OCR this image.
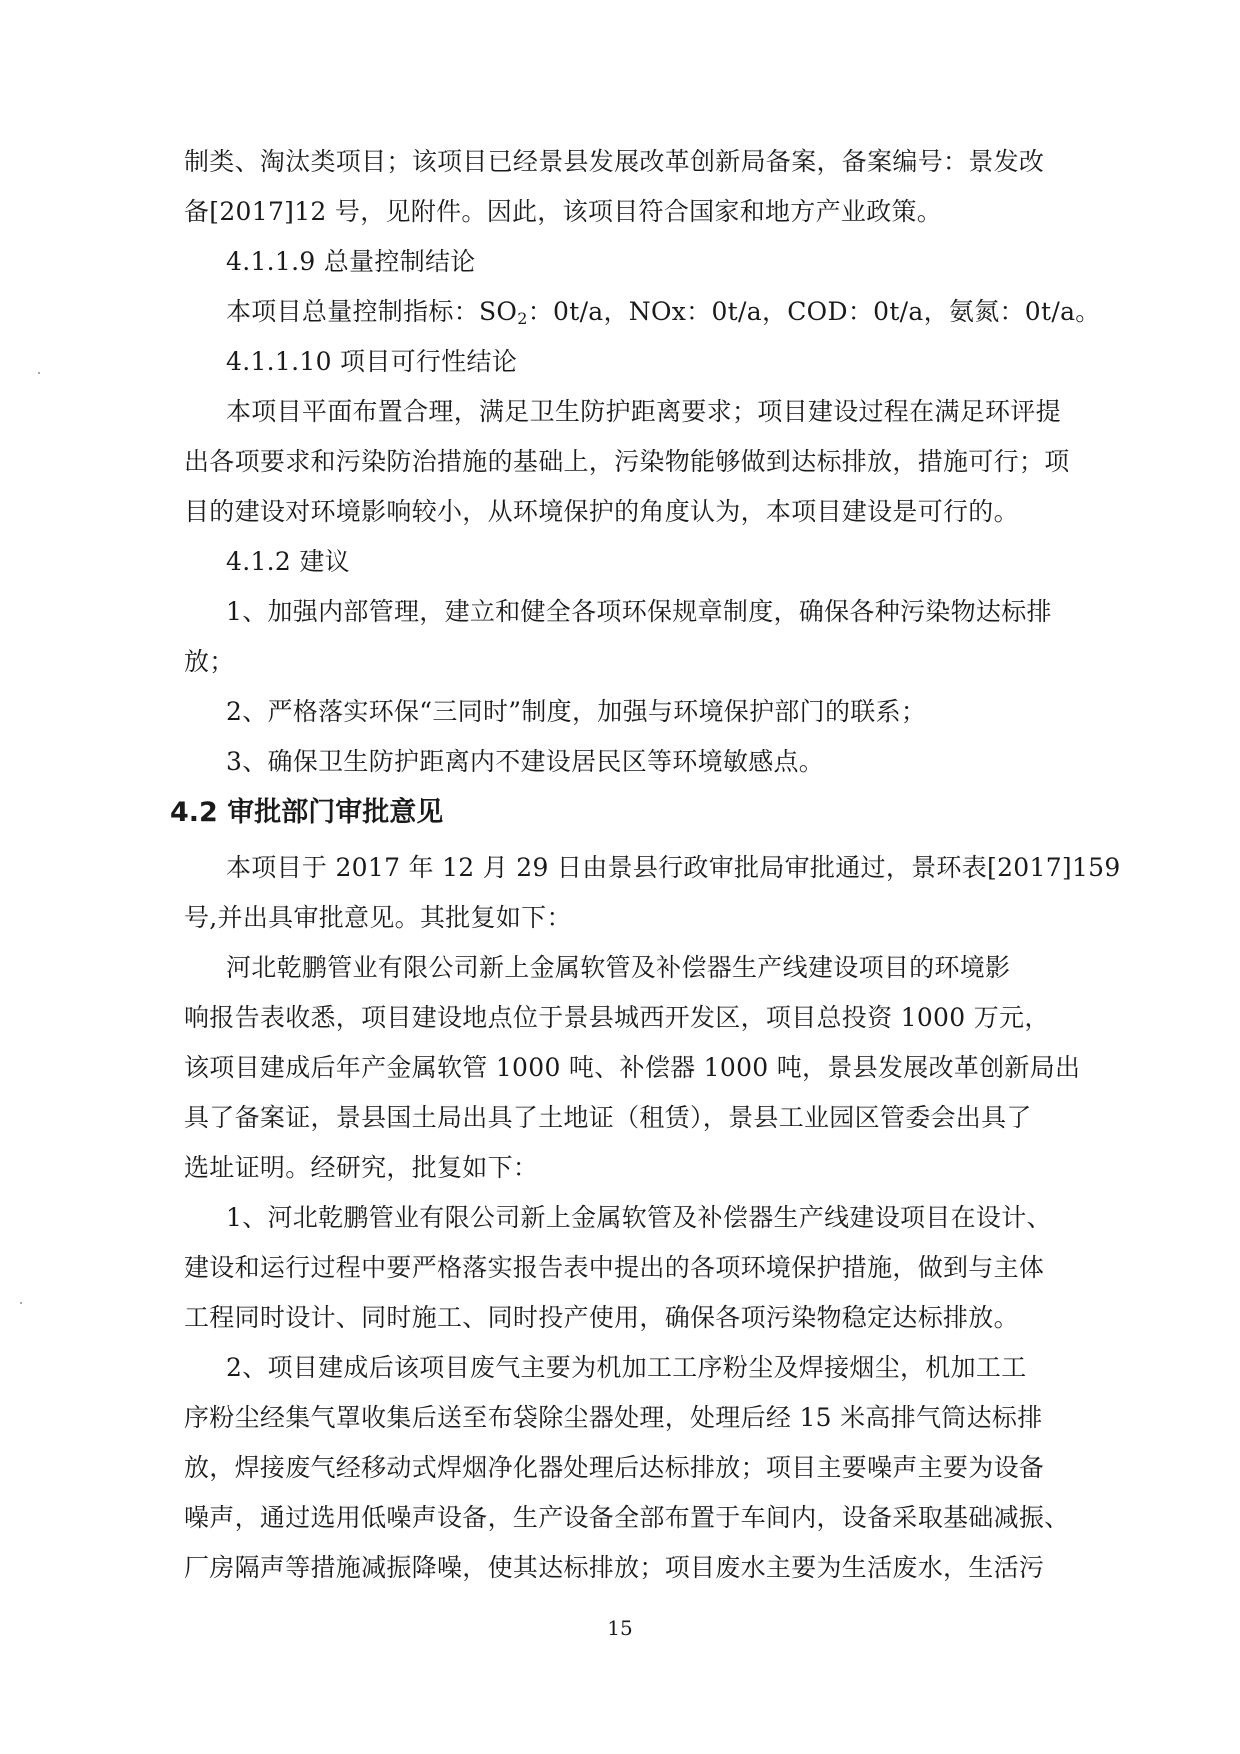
制类、淘汰类项目；该项目已经景县发展改革创新局备案，备案编号：景发改
备[2017]12 号，见附件。因此，该项目符合国家和地方产业政策。
4.1.1.9 总量控制结论
本项目总量控制指标：$SO_2$：0t/a，NOx：0t/a，COD：0t/a，氨氮：0t/a。
4.1.1.10 项目可行性结论
本项目平面布置合理，满足卫生防护距离要求；项目建设过程在满足环评提
出各项要求和污染防治措施的基础上，污染物能够做到达标排放，措施可行；项
目的建设对环境影响较小，从环境保护的角度认为，本项目建设是可行的。
4.1.2 建议
1、加强内部管理，建立和健全各项环保规章制度，确保各种污染物达标排
放；
2、严格落实环保“三同时”制度，加强与环境保护部门的联系；
3、确保卫生防护距离内不建设居民区等环境敏感点。
4.2 审批部门审批意见
本项目于 2017 年 12 月 29 日由景县行政审批局审批通过，景环表[2017]159
号,并出具审批意见。其批复如下：
河北乾鹏管业有限公司新上金属软管及补偿器生产线建设项目的环境影
响报告表收悉，项目建设地点位于景县城西开发区，项目总投资 1000 万元，
该项目建成后年产金属软管 1000 吨、补偿器 1000 吨，景县发展改革创新局出
具了备案证，景县国土局出具了土地证（租赁），景县工业园区管委会出具了
选址证明。经研究，批复如下：
1、河北乾鹏管业有限公司新上金属软管及补偿器生产线建设项目在设计、
建设和运行过程中要严格落实报告表中提出的各项环境保护措施，做到与主体
工程同时设计、同时施工、同时投产使用，确保各项污染物稳定达标排放。
2、项目建成后该项目废气主要为机加工工序粉尘及焊接烟尘，机加工工
序粉尘经集气罩收集后送至布袋除尘器处理，处理后经 15 米高排气筒达标排
放，焊接废气经移动式焊烟净化器处理后达标排放；项目主要噪声主要为设备
噪声，通过选用低噪声设备，生产设备全部布置于车间内，设备采取基础减振、
厂房隔声等措施减振降噪，使其达标排放；项目废水主要为生活废水，生活污
15
